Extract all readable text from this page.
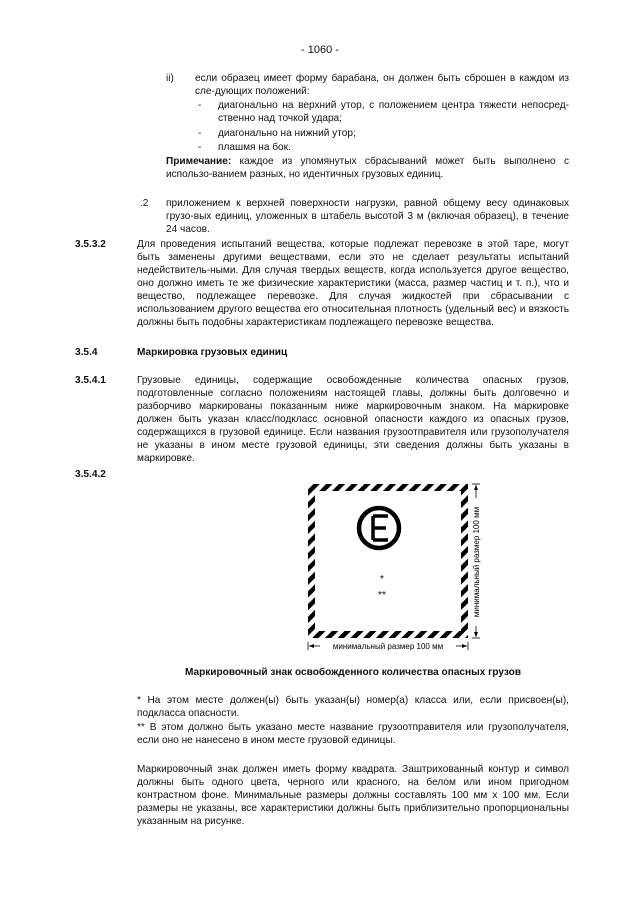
- 1060 -
ii) если образец имеет форму барабана, он должен быть сброшен в каждом из сле-дующих положений:
- диагонально на верхний утор, с положением центра тяжести непосред-ственно над точкой удара;
- диагонально на нижний утор;
- плашмя на бок.
Примечание: каждое из упомянутых сбрасываний может быть выполнено с использо-ванием разных, но идентичных грузовых единиц.
.2 приложением к верхней поверхности нагрузки, равной общему весу одинаковых грузо-вых единиц, уложенных в штабель высотой 3 м (включая образец), в течение 24 часов.
3.5.3.2	Для проведения испытаний вещества, которые подлежат перевозке в этой таре, могут быть заменены другими веществами, если это не сделает результаты испытаний недействитель-ными. Для случая твердых веществ, когда используется другое вещество, оно должно иметь те же физические характеристики (масса, размер частиц и т. п.), что и вещество, подлежащее перевозке. Для случая жидкостей при сбрасывании с использованием другого вещества его относительная плотность (удельный вес) и вязкость должны быть подобны характеристикам подлежащего перевозке вещества.
3.5.4	Маркировка грузовых единиц
3.5.4.1	Грузовые единицы, содержащие освобожденные количества опасных грузов, подготовленные согласно положениям настоящей главы, должны быть долговечно и разборчиво маркированы показанным ниже маркировочным знаком. На маркировке должен быть указан класс/подкласс основной опасности каждого из опасных грузов, содержащихся в грузовой единице. Если названия грузоотправителя или грузополучателя не указаны в ином месте грузовой единицы, эти сведения должны быть указаны в маркировке.
3.5.4.2
*
**
минимальный размер 100 мм
минимальный размер 100 мм
Маркировочный знак освобожденного количества опасных грузов
* На этом месте должен(ы) быть указан(ы) номер(а) класса или, если присвоен(ы), подкласса опасности.
** В этом должно быть указано месте название грузоотправителя или грузополучателя, если оно не нанесено в ином месте грузовой единицы.
Маркировочный знак должен иметь форму квадрата. Заштрихованный контур и символ должны быть одного цвета, черного или красного, на белом или ином пригодном контрастном фоне. Минимальные размеры должны составлять 100 мм x 100 мм. Если размеры не указаны, все характеристики должны быть приблизительно пропорциональны указанным на рисунке.
